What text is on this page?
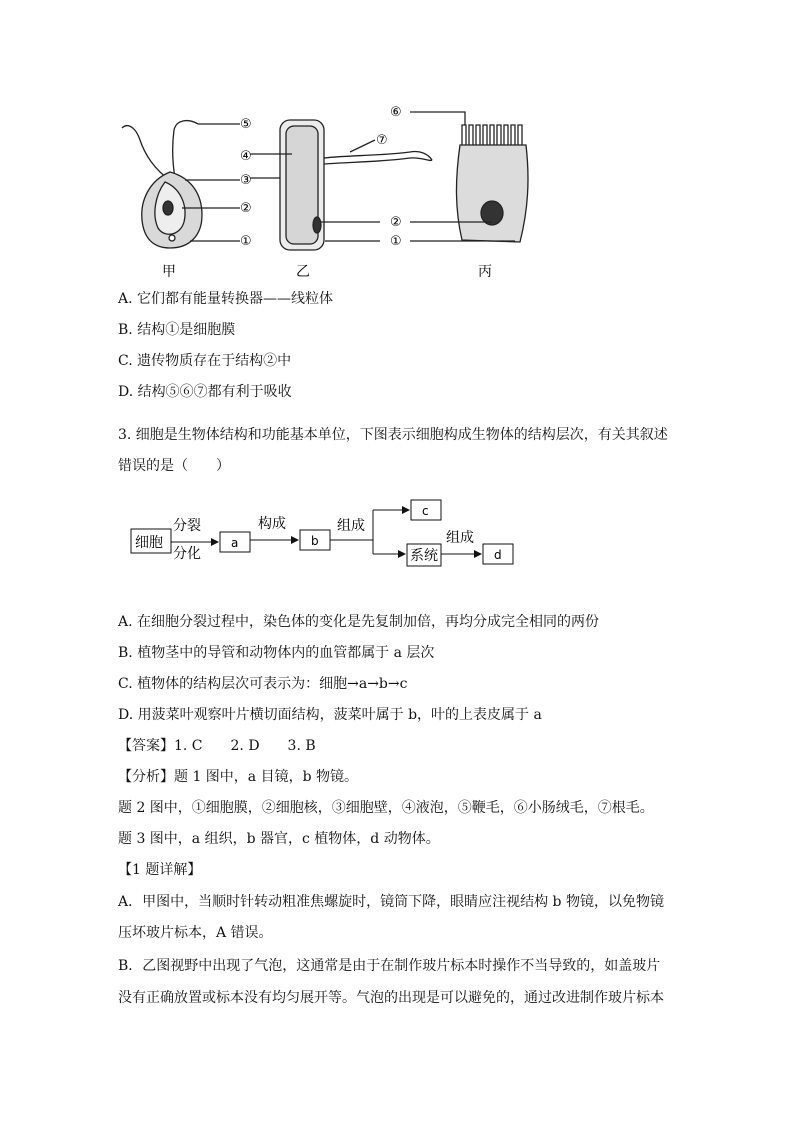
⑤
④
③
②
①
⑦
⑥
②
①
甲	乙	丙
A. 它们都有能量转换器——线粒体
B. 结构①是细胞膜
C. 遗传物质存在于结构②中
D. 结构⑤⑥⑦都有利于吸收
3. 细胞是生物体结构和功能基本单位，下图表示细胞构成生物体的结构层次，有关其叙述
错误的是（　　）
细胞
分裂
分化
a
构成
b
组成
c
系统
组成
d
A. 在细胞分裂过程中，染色体的变化是先复制加倍，再均分成完全相同的两份
B. 植物茎中的导管和动物体内的血管都属于 a 层次
C. 植物体的结构层次可表示为：细胞→a→b→c
D. 用菠菜叶观察叶片横切面结构，菠菜叶属于 b，叶的上表皮属于 a
【答案】1. C　　2. D　　3. B
【分析】题 1 图中，a 目镜，b 物镜。
题 2 图中，①细胞膜，②细胞核，③细胞壁，④液泡，⑤鞭毛，⑥小肠绒毛，⑦根毛。
题 3 图中，a 组织，b 器官，c 植物体，d 动物体。
【1 题详解】
A．甲图中，当顺时针转动粗准焦螺旋时，镜筒下降，眼睛应注视结构 b 物镜，以免物镜
压坏玻片标本，A 错误。
B．乙图视野中出现了气泡，这通常是由于在制作玻片标本时操作不当导致的，如盖玻片
没有正确放置或标本没有均匀展开等。气泡的出现是可以避免的，通过改进制作玻片标本
